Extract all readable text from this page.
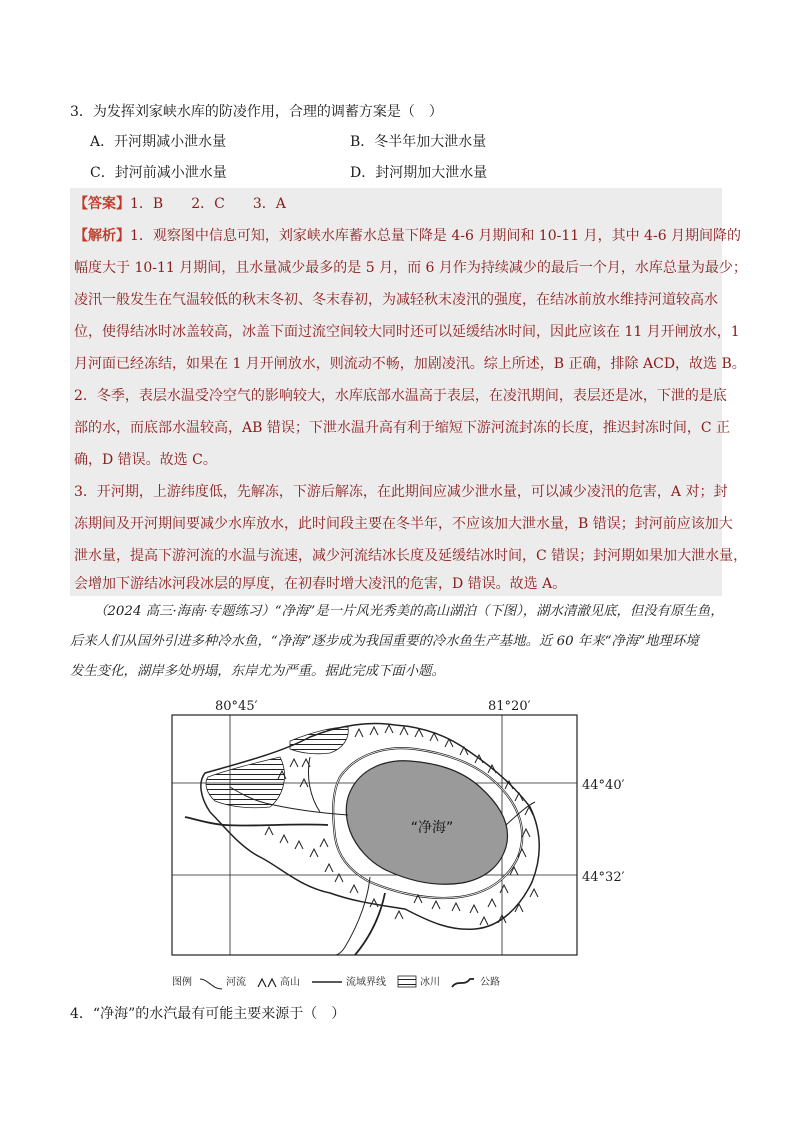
3．为发挥刘家峡水库的防凌作用，合理的调蓄方案是（　）
A．开河期减小泄水量	B．冬半年加大泄水量
C．封河前减小泄水量	D．封河期加大泄水量
【答案】1．B　　2．C　　3．A
【解析】1．观察图中信息可知，刘家峡水库蓄水总量下降是 4-6 月期间和 10-11 月，其中 4-6 月期间降的
幅度大于 10-11 月期间，且水量减少最多的是 5 月，而 6 月作为持续减少的最后一个月，水库总量为最少；
凌汛一般发生在气温较低的秋末冬初、冬末春初，为减轻秋末凌汛的强度，在结冰前放水维持河道较高水
位，使得结冰时冰盖较高，冰盖下面过流空间较大同时还可以延缓结冰时间，因此应该在 11 月开闸放水，1
月河面已经冻结，如果在 1 月开闸放水，则流动不畅，加剧凌汛。综上所述，B 正确，排除 ACD，故选 B。
2．冬季，表层水温受冷空气的影响较大，水库底部水温高于表层，在凌汛期间，表层还是冰，下泄的是底
部的水，而底部水温较高，AB 错误；下泄水温升高有利于缩短下游河流封冻的长度，推迟封冻时间，C 正
确，D 错误。故选 C。
3．开河期，上游纬度低，先解冻，下游后解冻，在此期间应减少泄水量，可以减少凌汛的危害，A 对；封
冻期间及开河期间要减少水库放水，此时间段主要在冬半年，不应该加大泄水量，B 错误；封河前应该加大
泄水量，提高下游河流的水温与流速，减少河流结冰长度及延缓结冰时间，C 错误；封河期如果加大泄水量，
会增加下游结冰河段冰层的厚度，在初春时增大凌汛的危害，D 错误。故选 A。
（2024 高三·海南·专题练习）“净海”是一片风光秀美的高山湖泊（下图），湖水清澈见底，但没有原生鱼，
后来人们从国外引进多种冷水鱼，“净海”逐步成为我国重要的冷水鱼生产基地。近 60 年来“净海”地理环境
发生变化，湖岸多处坍塌，东岸尤为严重。据此完成下面小题。
80°45′	81°20′
44°40′
44°32′
“净海”
图例	河流	高山	流域界线	冰川	公路
4．“净海”的水汽最有可能主要来源于（　）
